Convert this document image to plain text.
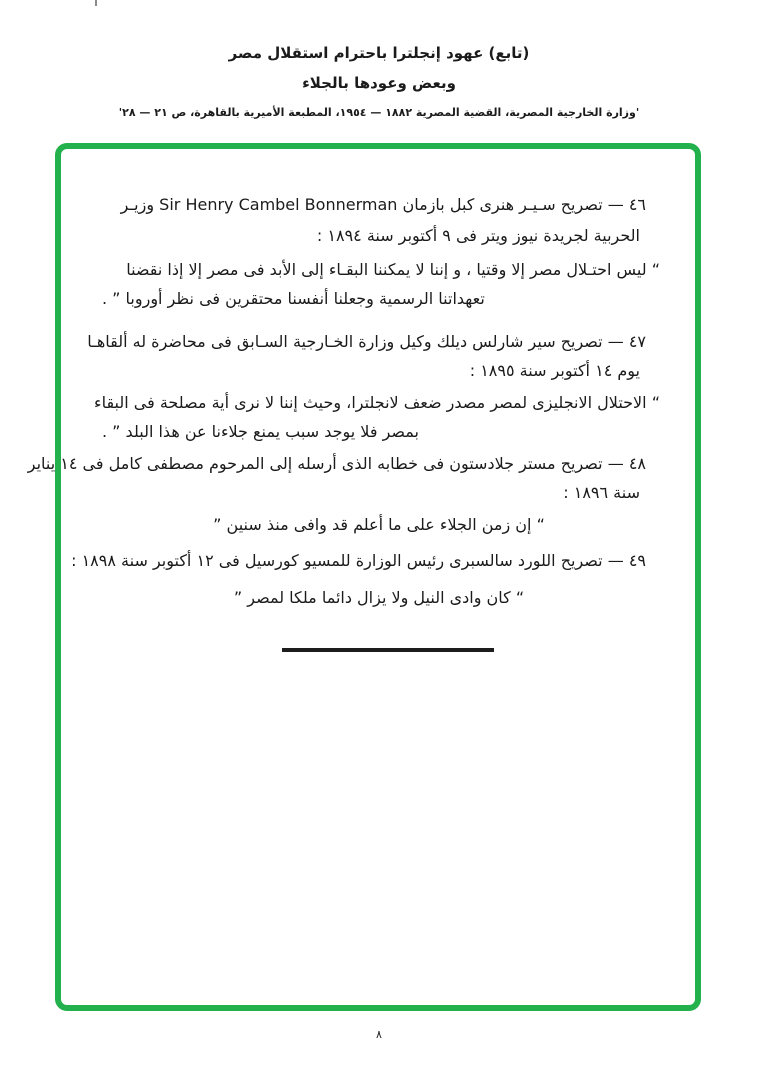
(تابع) عهود إنجلترا باحترام استقلال مصر
وبعض وعودها بالجلاء
'وزارة الخارجية المصرية، القضية المصرية ١٨٨٢ — ١٩٥٤، المطبعة الأميرية بالقاهرة، ص ٢١ — ٢٨'
٤٦ — تصريح سـيـر هنرى كبل بازمان Sir Henry Cambel Bonnerman وزيـر
الحربية لجريدة نيوز ويتر فى ٩ أكتوبر سنة ١٨٩٤ :
“ ليس احتـلال مصر إلا وقتيا ، و إننا لا يمكننا البقـاء إلى الأبد فى مصر إلا إذا نقضنا
تعهداتنا الرسمية وجعلنا أنفسنا محتقرين فى نظر أوروبا ” .
٤٧ — تصريح سير شارلس ديلك وكيل وزارة الخـارجية السـابق فى محاضرة له ألقاهـا
يوم ١٤ أكتوبر سنة ١٨٩٥ :
“ الاحتلال الانجليزى لمصر مصدر ضعف لانجلترا، وحيث إننا لا نرى أية مصلحة فى البقاء
بمصر فلا يوجد سبب يمنع جلاءنا عن هذا البلد ” .
٤٨ — تصريح مستر جلادستون فى خطابه الذى أرسله إلى المرحوم مصطفى كامل فى ١٤ يناير
سنة ١٨٩٦ :
“ إن زمن الجلاء على ما أعلم قد وافى منذ سنين ”
٤٩ — تصريح اللورد سالسبرى رئيس الوزارة للمسيو كورسيل فى ١٢ أكتوبر سنة ١٨٩٨ :
“ كان وادى النيل ولا يزال دائما ملكا لمصر ”
٨
